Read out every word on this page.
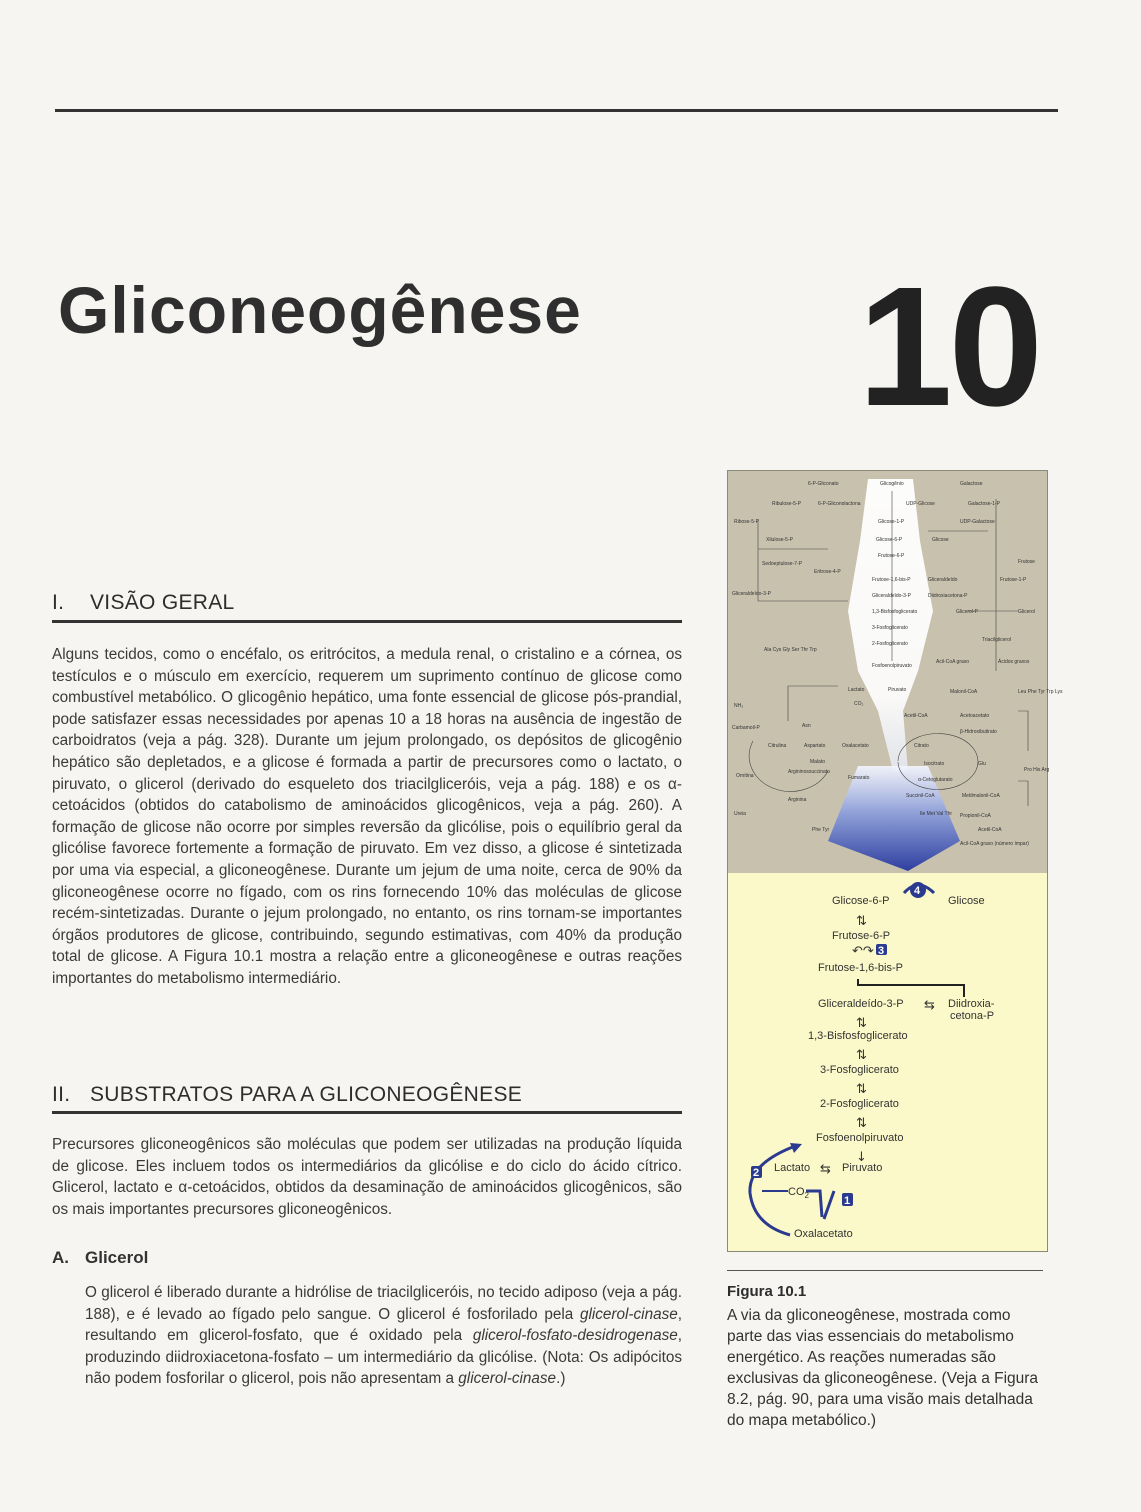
Gliconeogênese 10
I. VISÃO GERAL

Alguns tecidos, como o encéfalo, os eritrócitos, a medula renal, o cristalino e a córnea, os testículos e o músculo em exercício, requerem um suprimento contínuo de glicose como combustível metabólico. O glicogênio hepático, uma fonte essencial de glicose pós-prandial, pode satisfazer essas necessidades por apenas 10 a 18 horas na ausência de ingestão de carboidratos (veja a pág. 328). Durante um jejum prolongado, os depósitos de glicogênio hepático são depletados, e a glicose é formada a partir de precursores como o lactato, o piruvato, o glicerol (derivado do esqueleto dos triacilgliceróis, veja a pág. 188) e os α-cetoácidos (obtidos do catabolismo de aminoácidos glicogênicos, veja a pág. 260). A formação de glicose não ocorre por simples reversão da glicólise, pois o equilíbrio geral da glicólise favorece fortemente a formação de piruvato. Em vez disso, a glicose é sintetizada por uma via especial, a gliconeogênese. Durante um jejum de uma noite, cerca de 90% da gliconeogênese ocorre no fígado, com os rins fornecendo 10% das moléculas de glicose recém-sintetizadas. Durante o jejum prolongado, no entanto, os rins tornam-se importantes órgãos produtores de glicose, contribuindo, segundo estimativas, com 40% da produção total de glicose. A Figura 10.1 mostra a relação entre a gliconeogênese e outras reações importantes do metabolismo intermediário.

II. SUBSTRATOS PARA A GLICONEOGÊNESE

Precursores gliconeogênicos são moléculas que podem ser utilizadas na produção líquida de glicose. Eles incluem todos os intermediários da glicólise e do ciclo do ácido cítrico. Glicerol, lactato e α-cetoácidos, obtidos da desaminação de aminoácidos glicogênicos, são os mais importantes precursores gliconeogênicos.

A. Glicerol

O glicerol é liberado durante a hidrólise de triacilgliceróis, no tecido adiposo (veja a pág. 188), e é levado ao fígado pelo sangue. O glicerol é fosforilado pela glicerol-cinase, resultando em glicerol-fosfato, que é oxidado pela glicerol-fosfato-desidrogenase, produzindo diidroxiacetona-fosfato – um intermediário da glicólise. (Nota: Os adipócitos não podem fosforilar o glicerol, pois não apresentam a glicerol-cinase.)

6-P-Gliconato	Glicogênio	Galactose
Ribulose-5-P	6-P-Gliconolactona	UDP-Glicose	Galactose-1-P
Ribose-5-P	Glicose-1-P	UDP-Galactose
Xilulose-5-P	Glicose-6-P	Glicose
Frutose-6-P
Frutose
Sedoeptulose-7-P
Eritrose-4-P
Frutose-1,6-bis-P	Gliceraldeído	Frutose-1-P
Gliceraldeído-3-P	Gliceraldeído-3-P	Diidroxiacetona-P
1,3-Bisfosfoglicerato	Glicerol-P	Glicerol
3-Fosfoglicerato
Triacilglicerol
2-Fosfoglicerato
Acil-CoA graxo	Ácidos graxos
Fosfoenolpiruvato
Ala Cys Gly Ser Thr Trp
Lactato	Piruvato	Malonil-CoA	Leu Phe Tyr Trp Lys
CO₂
Acetil-CoA	Acetoacetato
NH₃
Carbamoil-P	Asn
β-Hidroxibutirato
Citrulina	Aspartato	Oxalacetato	Citrato
Malato
Argininossuccinato
Isocitrato	Glu
Ornitina	Fumarato	α-Cetoglutarato
Pro His Arg
Arginina
Succinil-CoA	Metilmalonil-CoA
Ureia
Phe Tyr
Ile Met Val Thr Propionil-CoA
Acetil-CoA
Acil-CoA graxo (número ímpar)
4
Glicose-6-P	Glicose
⇅
Frutose-6-P
↶↷ 3
Frutose-1,6-bis-P
Gliceraldeído-3-P ⇆ Diidroxia-
cetona-P
⇅
1,3-Bisfosfoglicerato
⇅
3-Fosfoglicerato
⇅
2-Fosfoglicerato
⇅
Fosfoenolpiruvato
2
↓
Lactato ⇆ Piruvato
$CO_2$	1
Oxalacetato

Figura 10.1

A via da gliconeogênese, mostrada como parte das vias essenciais do metabolismo energético. As reações numeradas são exclusivas da gliconeogênese. (Veja a Figura 8.2, pág. 90, para uma visão mais detalhada do mapa metabólico.)
